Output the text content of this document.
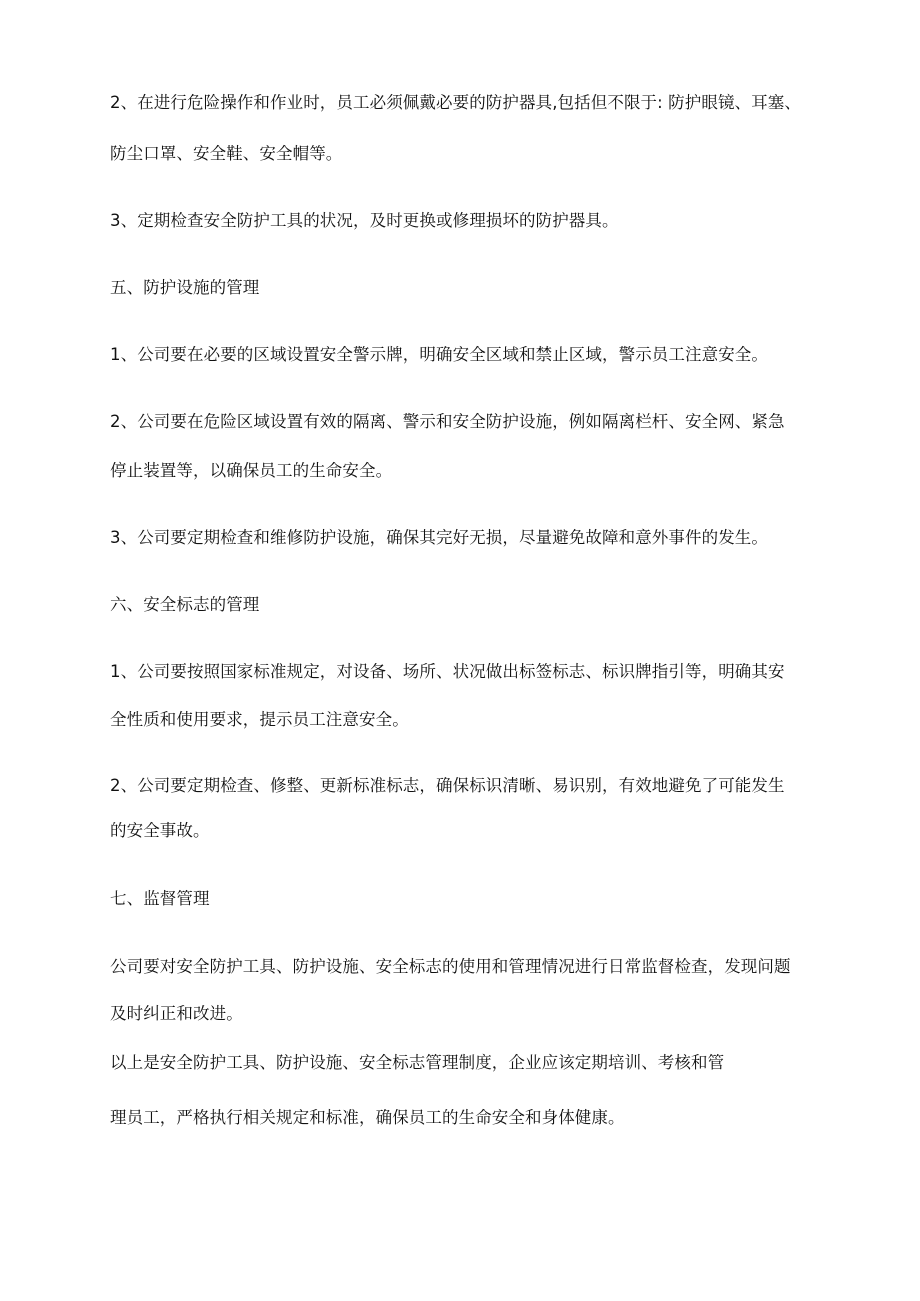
2、在进行危险操作和作业时，员工必须佩戴必要的防护器具,包括但不限于: 防护眼镜、耳塞、
防尘口罩、安全鞋、安全帽等。
3、定期检查安全防护工具的状况，及时更换或修理损坏的防护器具。
五、防护设施的管理
1、公司要在必要的区域设置安全警示牌，明确安全区域和禁止区域，警示员工注意安全。
2、公司要在危险区域设置有效的隔离、警示和安全防护设施，例如隔离栏杆、安全网、紧急
停止装置等，以确保员工的生命安全。
3、公司要定期检查和维修防护设施，确保其完好无损，尽量避免故障和意外事件的发生。
六、安全标志的管理
1、公司要按照国家标准规定，对设备、场所、状况做出标签标志、标识牌指引等，明确其安
全性质和使用要求，提示员工注意安全。
2、公司要定期检查、修整、更新标准标志，确保标识清晰、易识别，有效地避免了可能发生
的安全事故。
七、监督管理
公司要对安全防护工具、防护设施、安全标志的使用和管理情况进行日常监督检查，发现问题
及时纠正和改进。
以上是安全防护工具、防护设施、安全标志管理制度，企业应该定期培训、考核和管
理员工，严格执行相关规定和标准，确保员工的生命安全和身体健康。
